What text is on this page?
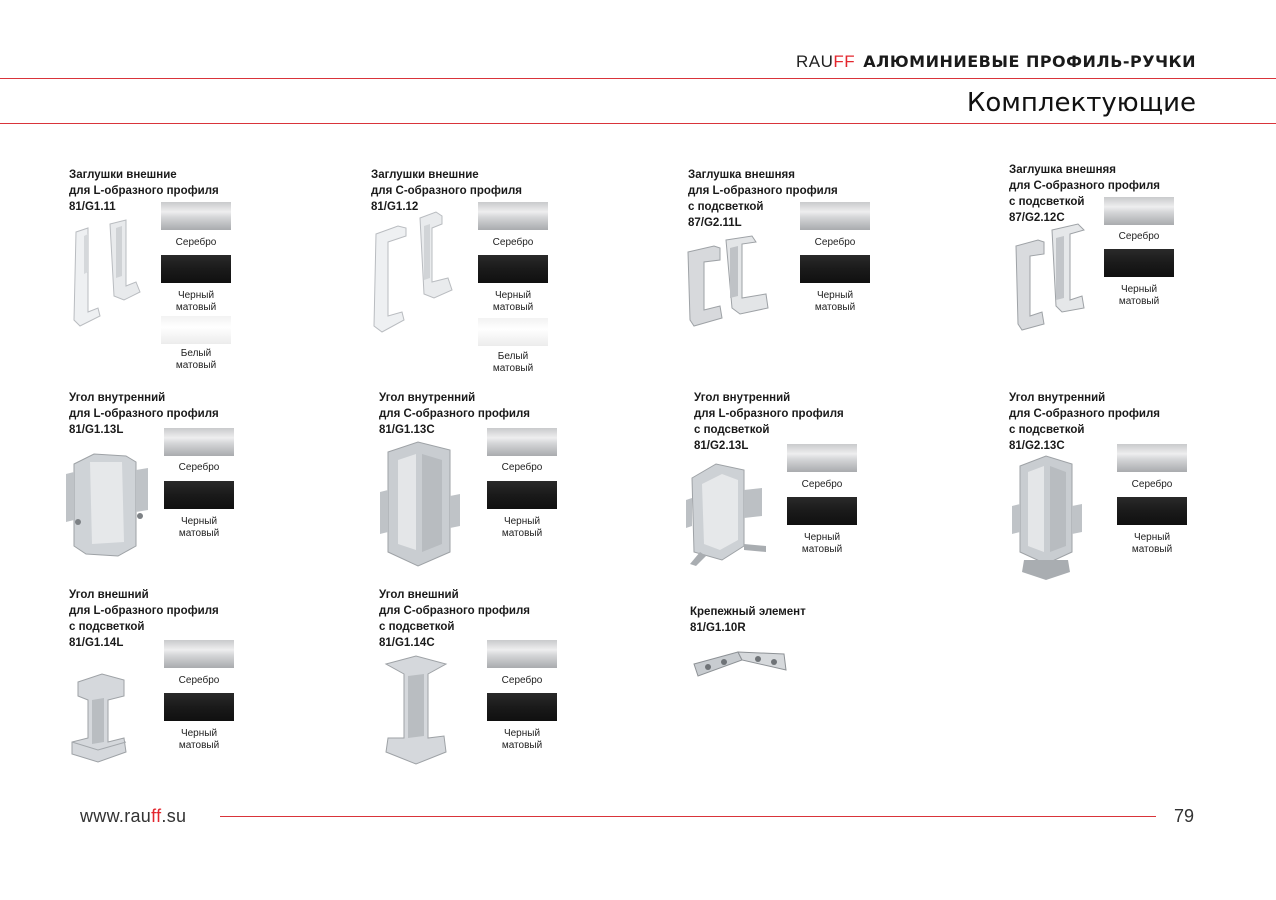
RAUFF АЛЮМИНИЕВЫЕ ПРОФИЛЬ-РУЧКИ
Комплектующие
Заглушки внешние
для L-образного профиля
81/G1.11
Серебро
Черный
матовый
Белый
матовый
Заглушки внешние
для С-образного профиля
81/G1.12
Серебро
Черный
матовый
Белый
матовый
Заглушка внешняя
для L-образного профиля
с подсветкой
87/G2.11L
Серебро
Черный
матовый
Заглушка внешняя
для С-образного профиля
с подсветкой
87/G2.12C
Серебро
Черный
матовый
Угол внутренний
для L-образного профиля
81/G1.13L
Серебро
Черный
матовый
Угол внутренний
для С-образного профиля
81/G1.13C
Серебро
Черный
матовый
Угол внутренний
для L-образного профиля
с подсветкой
81/G2.13L
Серебро
Черный
матовый
Угол внутренний
для С-образного профиля
с подсветкой
81/G2.13C
Серебро
Черный
матовый
Угол внешний
для L-образного профиля
с подсветкой
81/G1.14L
Серебро
Черный
матовый
Угол внешний
для С-образного профиля
с подсветкой
81/G1.14C
Серебро
Черный
матовый
Крепежный элемент
81/G1.10R
www.rauff.su	79
